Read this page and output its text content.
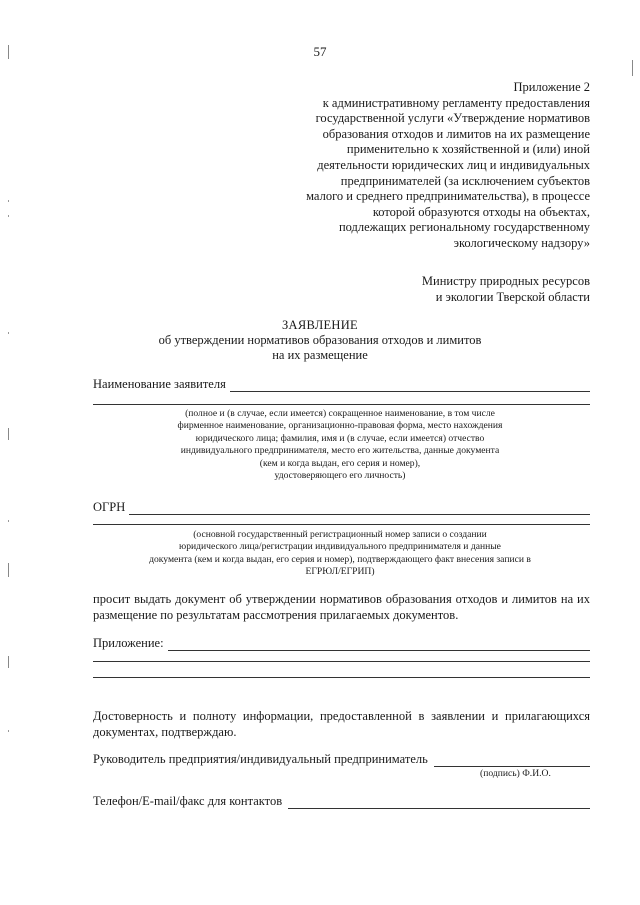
57
Приложение 2
к административному регламенту предоставления
государственной услуги «Утверждение нормативов
образования отходов и лимитов на их размещение
применительно к хозяйственной и (или) иной
деятельности юридических лиц и индивидуальных
предпринимателей (за исключением субъектов
малого и среднего предпринимательства), в процессе
которой образуются отходы на объектах,
подлежащих региональному государственному
экологическому надзору»
Министру природных ресурсов
и экологии Тверской области
ЗАЯВЛЕНИЕ
об утверждении нормативов образования отходов и лимитов
на их размещение
Наименование заявителя
(полное и (в случае, если имеется) сокращенное наименование, в том числе
фирменное наименование, организационно-правовая форма, место нахождения
юридического лица; фамилия, имя и (в случае, если имеется) отчество
индивидуального предпринимателя, место его жительства, данные документа
(кем и когда выдан, его серия и номер),
удостоверяющего его личность)
ОГРН
(основной государственный регистрационный номер записи о создании
юридического лица/регистрации индивидуального предпринимателя и данные
документа (кем и когда выдан, его серия и номер), подтверждающего факт внесения записи в
ЕГРЮЛ/ЕГРИП)
просит выдать документ об утверждении нормативов образования отходов и лимитов на их размещение по результатам рассмотрения прилагаемых документов.
Приложение:
Достоверность и полноту информации, предоставленной в заявлении и прилагающихся документах, подтверждаю.
Руководитель предприятия/индивидуальный предприниматель
(подпись) Ф.И.О.
Телефон/E-mail/факс для контактов
